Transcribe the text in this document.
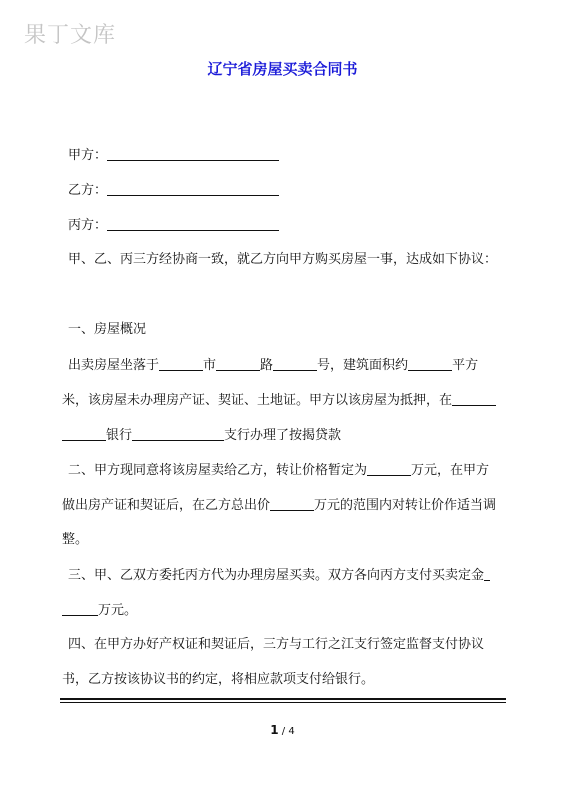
果丁文库
辽宁省房屋买卖合同书
甲方：
乙方：
丙方：
甲、乙、丙三方经协商一致，就乙方向甲方购买房屋一事，达成如下协议：
一、房屋概况
出卖房屋坐落于	市	路	号，建筑面积约	平方
米，该房屋未办理房产证、契证、土地证。甲方以该房屋为抵押，在
银行	支行办理了按揭贷款
二、甲方现同意将该房屋卖给乙方，转让价格暂定为	万元，在甲方
做出房产证和契证后，在乙方总出价	万元的范围内对转让价作适当调
整。
三、甲、乙双方委托丙方代为办理房屋买卖。双方各向丙方支付买卖定金
万元。
四、在甲方办好产权证和契证后，三方与工行之江支行签定监督支付协议
书，乙方按该协议书的约定，将相应款项支付给银行。
1 / 4
